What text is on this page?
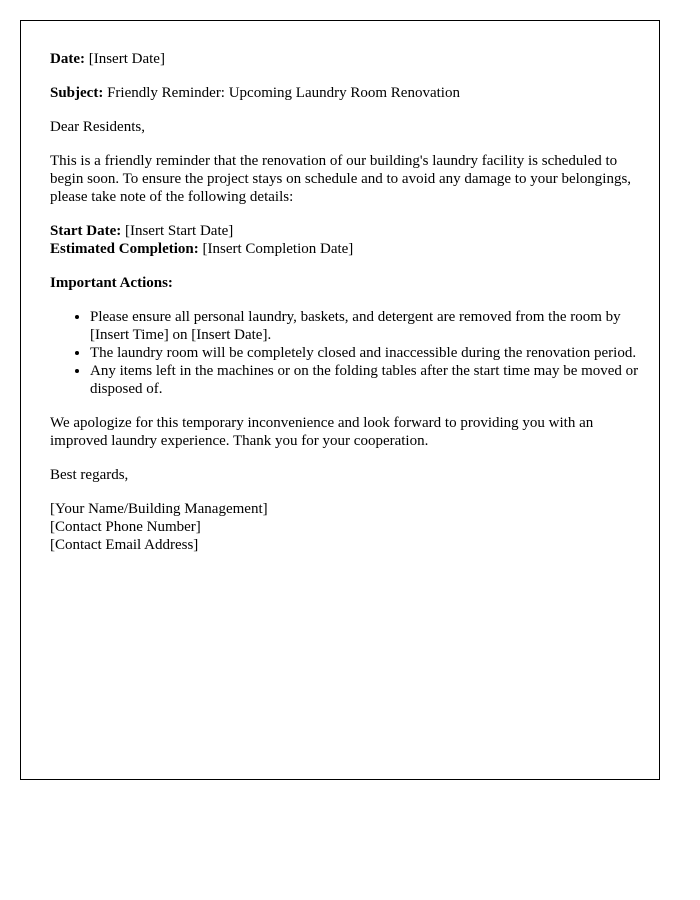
Date: [Insert Date]

Subject: Friendly Reminder: Upcoming Laundry Room Renovation

Dear Residents,

This is a friendly reminder that the renovation of our building's laundry facility is scheduled to begin soon. To ensure the project stays on schedule and to avoid any damage to your belongings, please take note of the following details:

Start Date: [Insert Start Date]

Estimated Completion: [Insert Completion Date]

Important Actions:

• Please ensure all personal laundry, baskets, and detergent are removed from the room by [Insert Time] on [Insert Date].
• The laundry room will be completely closed and inaccessible during the renovation period.
• Any items left in the machines or on the folding tables after the start time may be moved or disposed of.

We apologize for this temporary inconvenience and look forward to providing you with an improved laundry experience. Thank you for your cooperation.

Best regards,

[Your Name/Building Management]
[Contact Phone Number]
[Contact Email Address]
